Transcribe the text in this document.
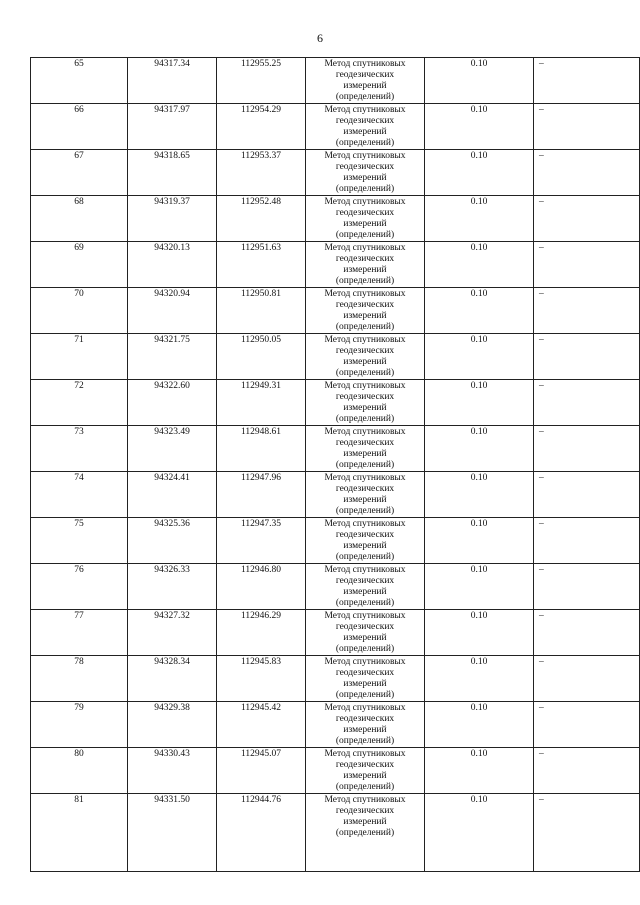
6
65	94317.34	112955.25	Метод спутниковых
геодезических
измерений
(определений)	0.10	–
66	94317.97	112954.29	Метод спутниковых
геодезических
измерений
(определений)	0.10	–
67	94318.65	112953.37	Метод спутниковых
геодезических
измерений
(определений)	0.10	–
68	94319.37	112952.48	Метод спутниковых
геодезических
измерений
(определений)	0.10	–
69	94320.13	112951.63	Метод спутниковых
геодезических
измерений
(определений)	0.10	–
70	94320.94	112950.81	Метод спутниковых
геодезических
измерений
(определений)	0.10	–
71	94321.75	112950.05	Метод спутниковых
геодезических
измерений
(определений)	0.10	–
72	94322.60	112949.31	Метод спутниковых
геодезических
измерений
(определений)	0.10	–
73	94323.49	112948.61	Метод спутниковых
геодезических
измерений
(определений)	0.10	–
74	94324.41	112947.96	Метод спутниковых
геодезических
измерений
(определений)	0.10	–
75	94325.36	112947.35	Метод спутниковых
геодезических
измерений
(определений)	0.10	–
76	94326.33	112946.80	Метод спутниковых
геодезических
измерений
(определений)	0.10	–
77	94327.32	112946.29	Метод спутниковых
геодезических
измерений
(определений)	0.10	–
78	94328.34	112945.83	Метод спутниковых
геодезических
измерений
(определений)	0.10	–
79	94329.38	112945.42	Метод спутниковых
геодезических
измерений
(определений)	0.10	–
80	94330.43	112945.07	Метод спутниковых
геодезических
измерений
(определений)	0.10	–
81	94331.50	112944.76	Метод спутниковых
геодезических
измерений
(определений)	0.10	–
